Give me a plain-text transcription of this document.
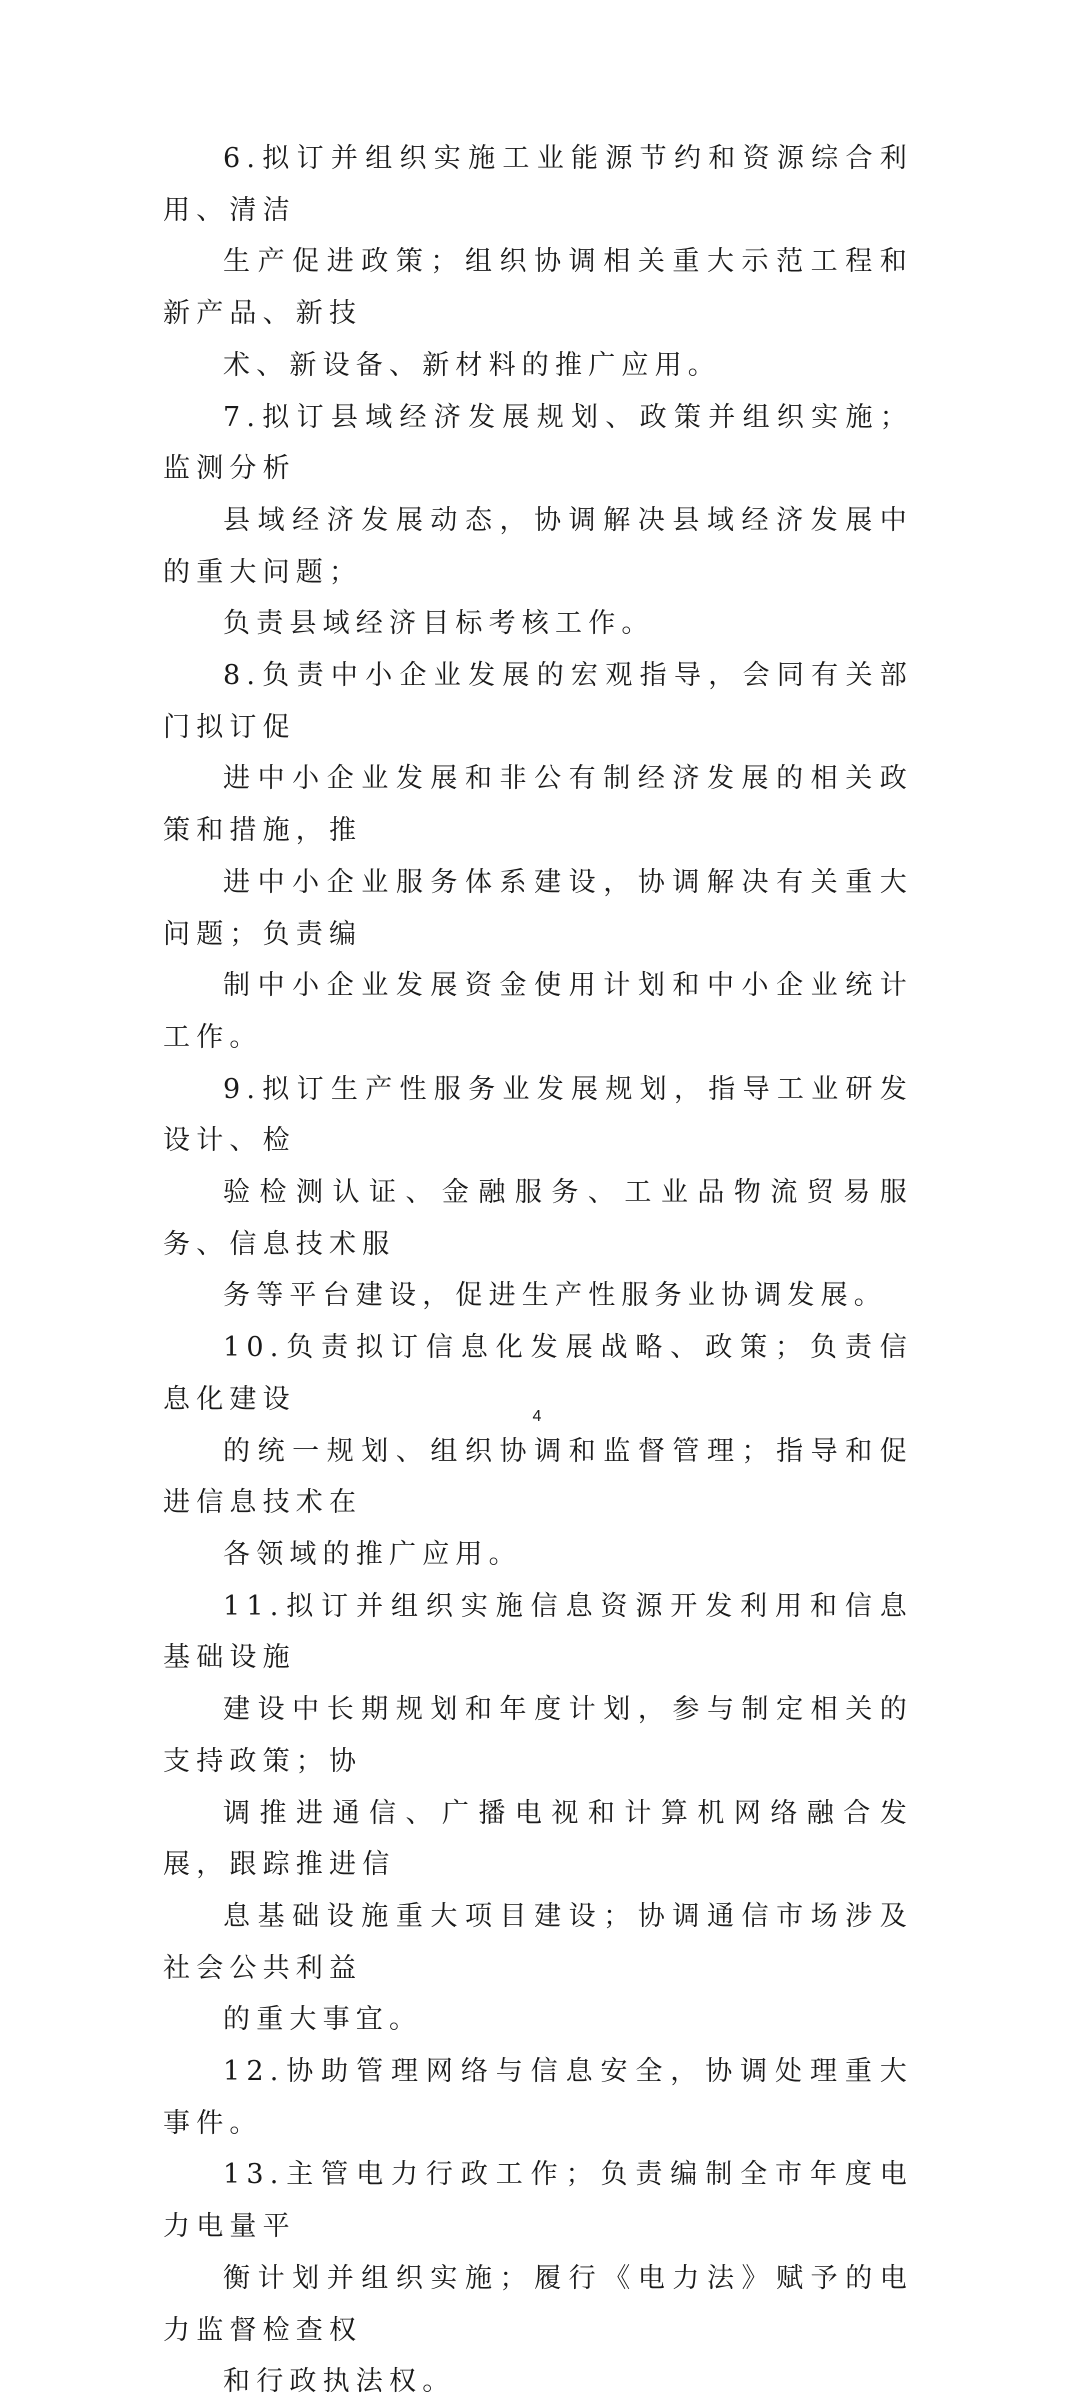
6.拟订并组织实施工业能源节约和资源综合利用、清洁
生产促进政策；组织协调相关重大示范工程和新产品、新技
术、新设备、新材料的推广应用。

7.拟订县域经济发展规划、政策并组织实施；监测分析
县域经济发展动态，协调解决县域经济发展中的重大问题；
负责县域经济目标考核工作。

8.负责中小企业发展的宏观指导，会同有关部门拟订促
进中小企业发展和非公有制经济发展的相关政策和措施，推
进中小企业服务体系建设，协调解决有关重大问题；负责编
制中小企业发展资金使用计划和中小企业统计工作。

9.拟订生产性服务业发展规划，指导工业研发设计、检
验检测认证、金融服务、工业品物流贸易服务、信息技术服
务等平台建设，促进生产性服务业协调发展。

10.负责拟订信息化发展战略、政策；负责信息化建设
的统一规划、组织协调和监督管理；指导和促进信息技术在
各领域的推广应用。

11.拟订并组织实施信息资源开发利用和信息基础设施
建设中长期规划和年度计划，参与制定相关的支持政策；协
调推进通信、广播电视和计算机网络融合发展，跟踪推进信
息基础设施重大项目建设；协调通信市场涉及社会公共利益
的重大事宜。

12.协助管理网络与信息安全，协调处理重大事件。

13.主管电力行政工作；负责编制全市年度电力电量平
衡计划并组织实施；履行《电力法》赋予的电力监督检查权
和行政执法权。

4
